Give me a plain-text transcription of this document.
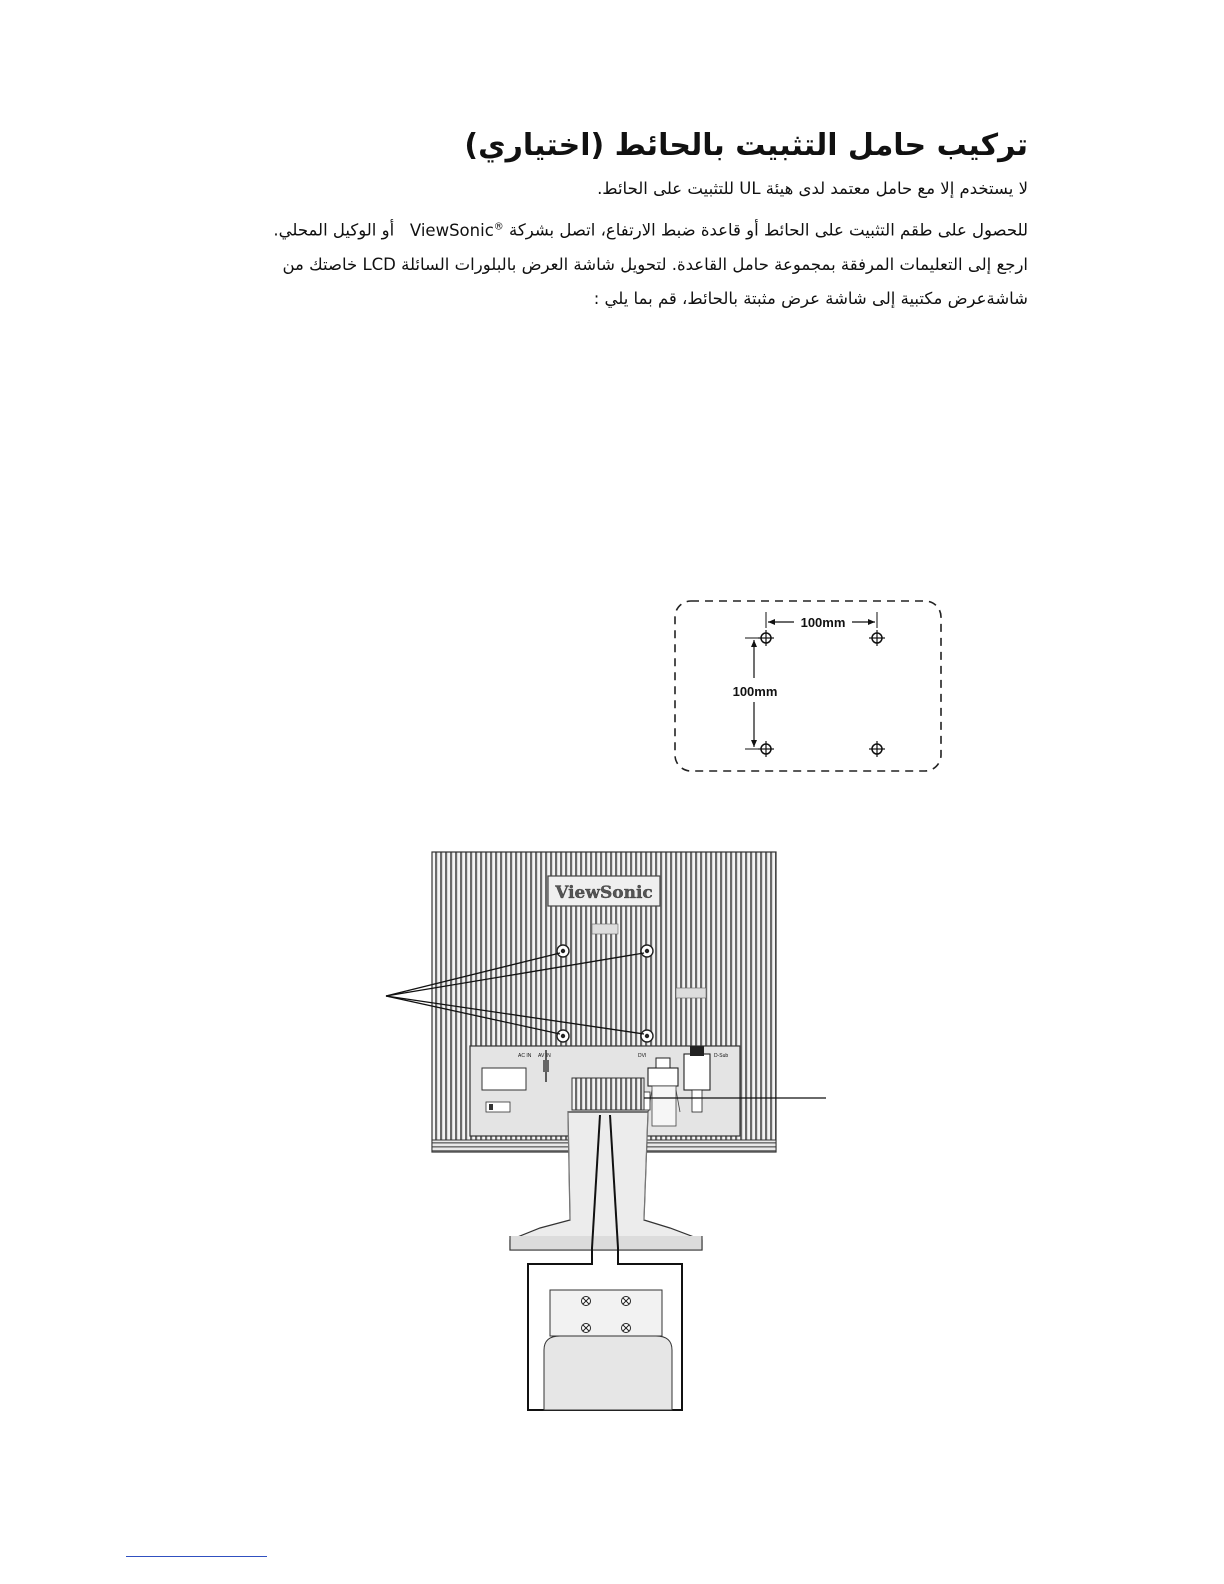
تركيب حامل التثبيت بالحائط (اختياري)
لا يستخدم إلا مع حامل معتمد لدى هيئة UL للتثبيت على الحائط.
للحصول على طقم التثبيت على الحائط أو قاعدة ضبط الارتفاع، اتصل بشركة ViewSonic®   أو الوكيل المحلي.
ارجع إلى التعليمات المرفقة بمجموعة حامل القاعدة. لتحويل شاشة العرض بالبلورات السائلة LCD خاصتك من
شاشةعرض مكتبية إلى شاشة عرض مثبتة بالحائط، قم بما يلي :
100mm
100mm
ViewSonic
AC IN AV IN	DVI	D-Sub
